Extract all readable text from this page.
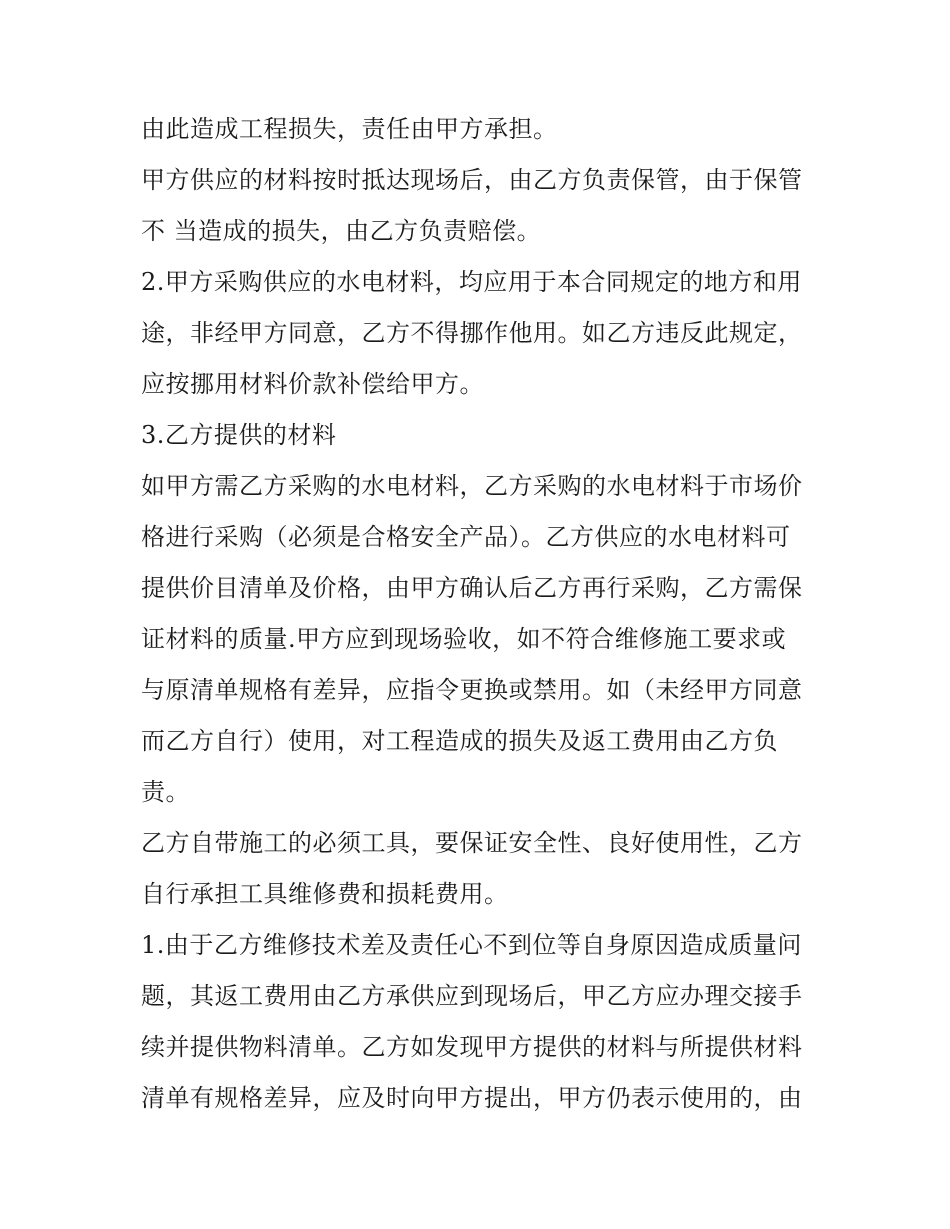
由此造成工程损失，责任由甲方承担。
甲方供应的材料按时抵达现场后，由乙方负责保管，由于保管
不 当造成的损失，由乙方负责赔偿。
2.甲方采购供应的水电材料，均应用于本合同规定的地方和用
途，非经甲方同意，乙方不得挪作他用。如乙方违反此规定，
应按挪用材料价款补偿给甲方。
3.乙方提供的材料
如甲方需乙方采购的水电材料，乙方采购的水电材料于市场价
格进行采购（必须是合格安全产品）。乙方供应的水电材料可
提供价目清单及价格，由甲方确认后乙方再行采购，乙方需保
证材料的质量.甲方应到现场验收，如不符合维修施工要求或
与原清单规格有差异，应指令更换或禁用。如（未经甲方同意
而乙方自行）使用，对工程造成的损失及返工费用由乙方负
责。
乙方自带施工的必须工具，要保证安全性、良好使用性，乙方
自行承担工具维修费和损耗费用。
1.由于乙方维修技术差及责任心不到位等自身原因造成质量问
题，其返工费用由乙方承供应到现场后，甲乙方应办理交接手
续并提供物料清单。乙方如发现甲方提供的材料与所提供材料
清单有规格差异，应及时向甲方提出，甲方仍表示使用的，由
